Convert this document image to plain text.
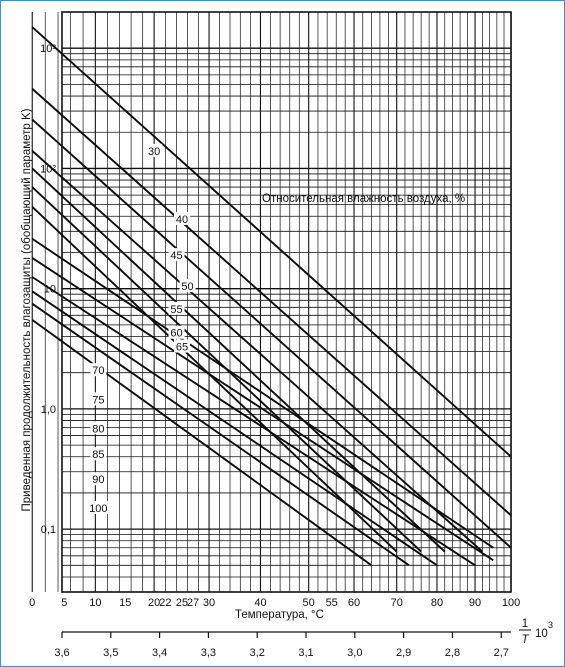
30
40
45
50
55
60
65
70
75
80
85
90
100
0 5 10 15 20 22 25
27 30	40	50 55 60	70	80 90 100
3,6	3,5	3,4	3,3	3,2	3,1	3,0	2,9	2,8	2,7
0,1
1,0
10
10²
10³
Относительная влажность воздуха, %
Температура, °С
Приведенная продолжительность влагозащиты (обобщающий параметр K)
1
T 10
3
